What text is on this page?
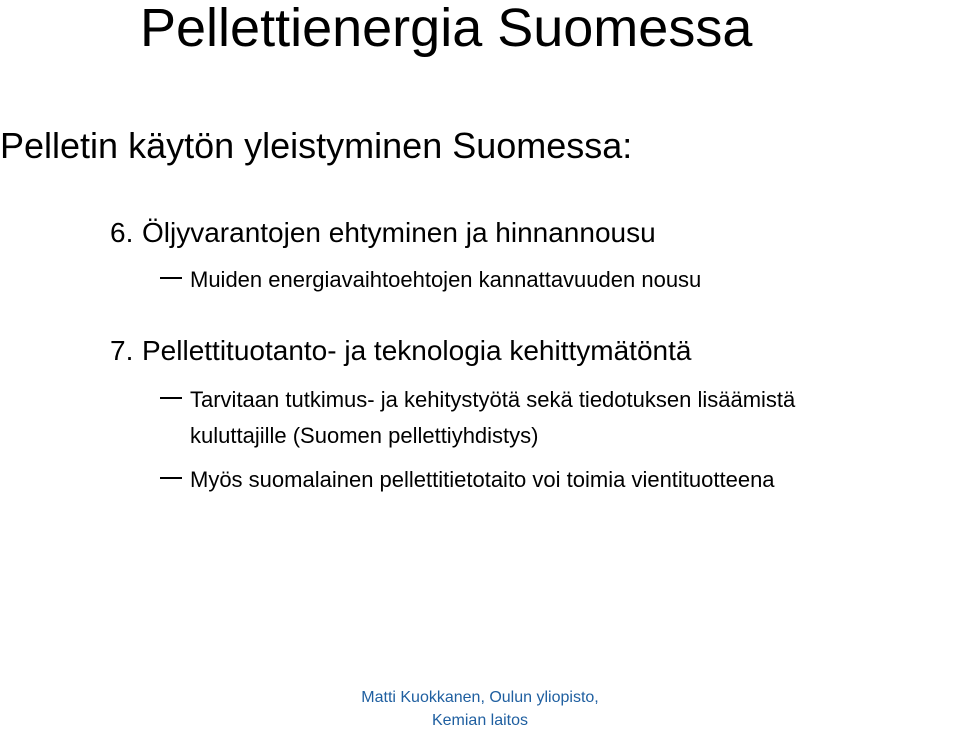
Pellettienergia Suomessa
Pelletin käytön yleistyminen Suomessa:
6. Öljyvarantojen ehtyminen ja hinnannousu
Muiden energiavaihtoehtojen kannattavuuden nousu
7. Pellettituotanto- ja teknologia kehittymätöntä
Tarvitaan tutkimus- ja kehitystyötä sekä tiedotuksen lisäämistä
kuluttajille (Suomen pellettiyhdistys)
Myös suomalainen pellettitietotaito voi toimia vientituotteena
Matti Kuokkanen, Oulun yliopisto,
Kemian laitos
